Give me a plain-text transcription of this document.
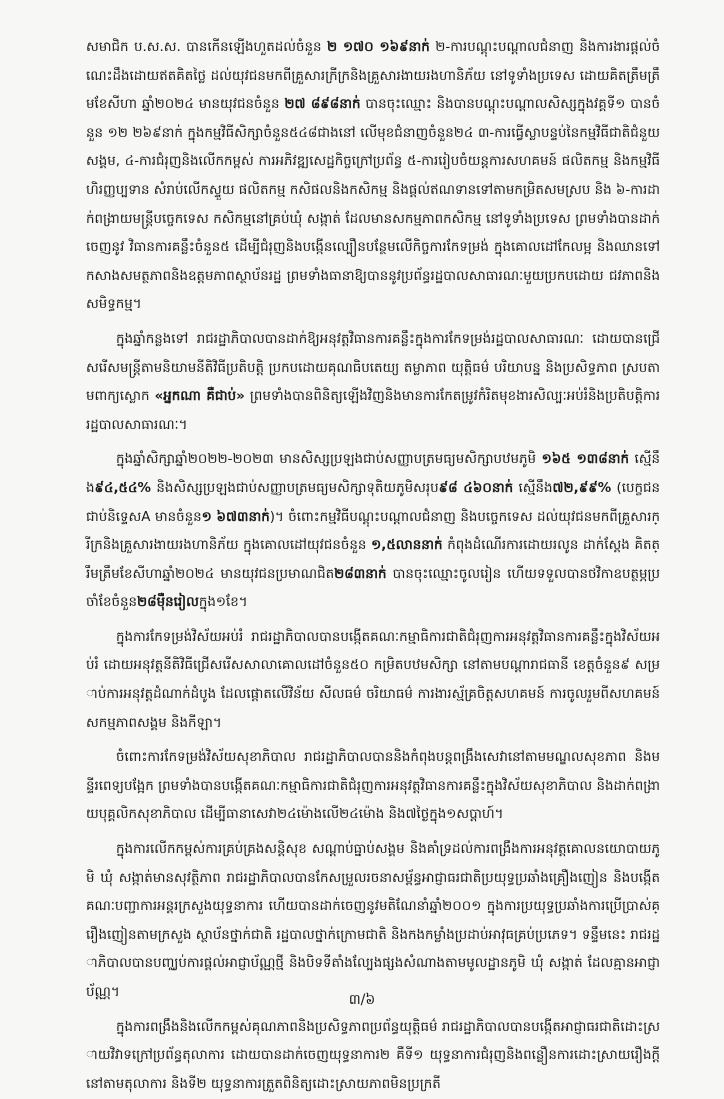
សមាជិក ប.ស.ស. បានកើនឡើងហួតដល់ចំនួន ២ ១៧០ ១៦៩នាក់ ២-ការបណ្តុះបណ្តាលជំនាញ និងការងារផ្តល់ចំណេះដឹងដោយឥតគិតថ្លៃ ដល់យុវជនមកពីគ្រួសារក្រីក្រនិងគ្រួសារងាយរងហានិភ័យ នៅទូទាំងប្រទេស ដោយគិតត្រឹមត្រឹមខែសីហា ឆ្នាំ២០២៤ មានយុវជនចំនួន ២៧ ៨៩៨នាក់ បានចុះឈ្មោះ និងបានបណ្តុះបណ្តាលសិស្សក្នុងវគ្គទី១ បានចំនួន ១២ ២៦៩នាក់ ក្នុងកម្មវិធីសិក្សាចំនួន៥៤៨ជាងនៅ លើមុខជំនាញចំនួន២៤ ៣-ការធ្វើស្លាបន្ទប់នៃកម្មវិធីជាតិជំនួយសង្គម, ៤-ការជំរុញនិងលើកកម្ពស់ ការអភិវឌ្ឍសេដ្ឋកិច្ចក្រៅប្រព័ន្ធ ៥-ការរៀបចំយន្តការសហគមន៍ ផលិតកម្ម និងកម្មវិធីហិរញ្ញប្បទាន សំរាប់លើកស្ទួយ ផលិតកម្ម កសិផលនិងកសិកម្ម និងផ្តល់ឥណទានទៅតាមកម្រិតសមស្រប និង ៦-ការដាក់ពង្រាយមន្ត្រីបច្ចេកទេស កសិកម្មនៅគ្រប់ឃុំ សង្កាត់ ដែលមានសកម្មភាពកសិកម្ម នៅទូទាំងប្រទេស ព្រមទាំងបានដាក់ចេញនូវ វិធានការគន្លឹះចំនួន៥ ដើម្បីជំរុញនិងបង្កើនល្បឿនបន្ថែមលើកិច្ចការកែទម្រង់ ក្នុងគោលដៅកែលម្អ និងឈានទៅ កសាងសមត្ថភាពនិងឧត្តមភាពស្ថាប័នរដ្ឋ ព្រមទាំងធានាឱ្យបាននូវប្រព័ន្ធរដ្ឋបាលសាធារណៈមួយប្រកបដោយ ជវភាពនិងសមិទ្ធកម្ម។

ក្នុងឆ្នាំកន្លងទៅ រាជរដ្ឋាភិបាលបានដាក់ឱ្យអនុវត្តវិធានការគន្លឹះក្នុងការកែទម្រង់រដ្ឋបាលសាធារណៈ ដោយបានជ្រើសរើសមន្ត្រីតាមនិយាមនីតិវិធីប្រតិបត្តិ ប្រកបដោយគុណធិបតេយ្យ តម្លាភាព យុត្តិធម៌ បរិយាបន្ន និងប្រសិទ្ធភាព ស្របតាមពាក្យស្លោក «អ្នកណា គឺជាប់» ព្រមទាំងបានពិនិត្យឡើងវិញនិងមានការកែតម្រូវកំរិតមុខងារសិល្បៈអប់រំនិងប្រតិបត្តិការរដ្ឋបាលសាធារណៈ។

ក្នុងឆ្នាំសិក្សាឆ្នាំ២០២២-២០២៣ មានសិស្សប្រឡងជាប់សញ្ញាបត្រមធ្យមសិក្សាបឋមភូមិ ១៦៥ ១៣៨នាក់ ស្មើនឹង៩៤,៥៤% និងសិស្សប្រឡងជាប់សញ្ញាបត្រមធ្យមសិក្សាទុតិយភូមិសរុប៩៨ ៤៦០នាក់ ស្មើនឹង៧២,៩៩% (បេក្ខជនជាប់និទ្ទេសA មានចំនួន១ ៦៧៣នាក់)។ ចំពោះកម្មវិធីបណ្តុះបណ្តាលជំនាញ និងបច្ចេកទេស ដល់យុវជនមកពីគ្រួសារក្រីក្រនិងគ្រួសារងាយរងហានិភ័យ ក្នុងគោលដៅយុវជនចំនួន ១,៥លាននាក់ កំពុងដំណើរការដោយរលូន ដាក់ស្តែង គិតត្រឹមត្រឹមខែសីហាឆ្នាំ២០២៤ មានយុវជនប្រមាណជិត២៨៣នាក់ បានចុះឈ្មោះចូលរៀន ហើយទទួលបានថវិកាឧបត្ថម្ភប្រចាំខែចំនួន២៨ម៉ឺនរៀលក្នុង១ខែ។

ក្នុងការកែទម្រង់វិស័យអប់រំ រាជរដ្ឋាភិបាលបានបង្កើតគណៈកម្មាធិការជាតិជំរុញការអនុវត្តវិធានការគន្លឹះក្នុងវិស័យអប់រំ ដោយអនុវត្តនីតិវិធីជ្រើសរើសសាលាគោលដៅចំនួន៥០ កម្រិតបឋមសិក្សា នៅតាមបណ្តារាជធានី ខេត្តចំនួន៩ សម្រាប់ការអនុវត្តដំណាក់ដំបូង ដែលផ្តោតលើវិន័យ សីលធម៌ ចរិយាធម៌ ការងារស្ម័គ្រចិត្តសហគមន៍ ការចូលរួមពីសហគមន៍ សកម្មភាពសង្គម និងកីឡា។

ចំពោះការកែទម្រង់វិស័យសុខាភិបាល រាជរដ្ឋាភិបាលបាននិងកំពុងបន្តពង្រឹងសេវានៅតាមមណ្ឌលសុខភាព និងមន្ទីរពេទ្យបង្អែក ព្រមទាំងបានបង្កើតគណៈកម្មាធិការជាតិជំរុញការអនុវត្តវិធានការគន្លឹះក្នុងវិស័យសុខាភិបាល និងដាក់ពង្រាយបុគ្គលិកសុខាភិបាល ដើម្បីធានាសេវា២៤ម៉ោងលើ២៤ម៉ោង និង៧ថ្ងៃក្នុង១សប្តាហ៍។

ក្នុងការលើកកម្ពស់ការគ្រប់គ្រងសន្តិសុខ សណ្តាប់ធ្នាប់សង្គម និងគាំទ្រដល់ការពង្រឹងការអនុវត្តគោលនយោបាយភូមិ ឃុំ សង្កាត់មានសុវត្ថិភាព រាជរដ្ឋាភិបាលបានកែសម្រួលរចនាសម្ព័ន្ធអាជ្ញាធរជាតិប្រយុទ្ធប្រឆាំងគ្រឿងញៀន និងបង្កើតគណៈបញ្ជាការអន្តរក្រសួងយុទ្ធនាការ ហើយបានដាក់ចេញនូវមតិណែនាំឆ្នាំ២០០១ ក្នុងការប្រយុទ្ធប្រឆាំងការប្រើប្រាស់គ្រឿងញៀនតាមក្រសួង ស្ថាប័នថ្នាក់ជាតិ រដ្ឋបាលថ្នាក់ក្រោមជាតិ និងកងកម្លាំងប្រដាប់អាវុធគ្រប់ប្រភេទ។ ទន្ទឹមនេះ រាជរដ្ឋាភិបាលបានបញ្ឈប់ការផ្តល់អាជ្ញាប័ណ្ណថ្មី និងបិទទីតាំងល្បែងផ្សងសំណាងតាមមូលដ្ឋានភូមិ ឃុំ សង្កាត់ ដែលគ្មានអាជ្ញាប័ណ្ណ។

ក្នុងការពង្រឹងនិងលើកកម្ពស់គុណភាពនិងប្រសិទ្ធភាពប្រព័ន្ធយុត្តិធម៌ រាជរដ្ឋាភិបាលបានបង្កើតអាជ្ញាធរជាតិដោះស្រាយវិវាទក្រៅប្រព័ន្ធតុលាការ ដោយបានដាក់ចេញយុទ្ធនាការ២ គឺទី១ យុទ្ធនាការជំរុញនិងពន្លឿនការដោះស្រាយរឿងក្តីនៅតាមតុលាការ និងទី២ យុទ្ធនាការត្រួតពិនិត្យដោះស្រាយភាពមិនប្រក្រតី

៣/៦
